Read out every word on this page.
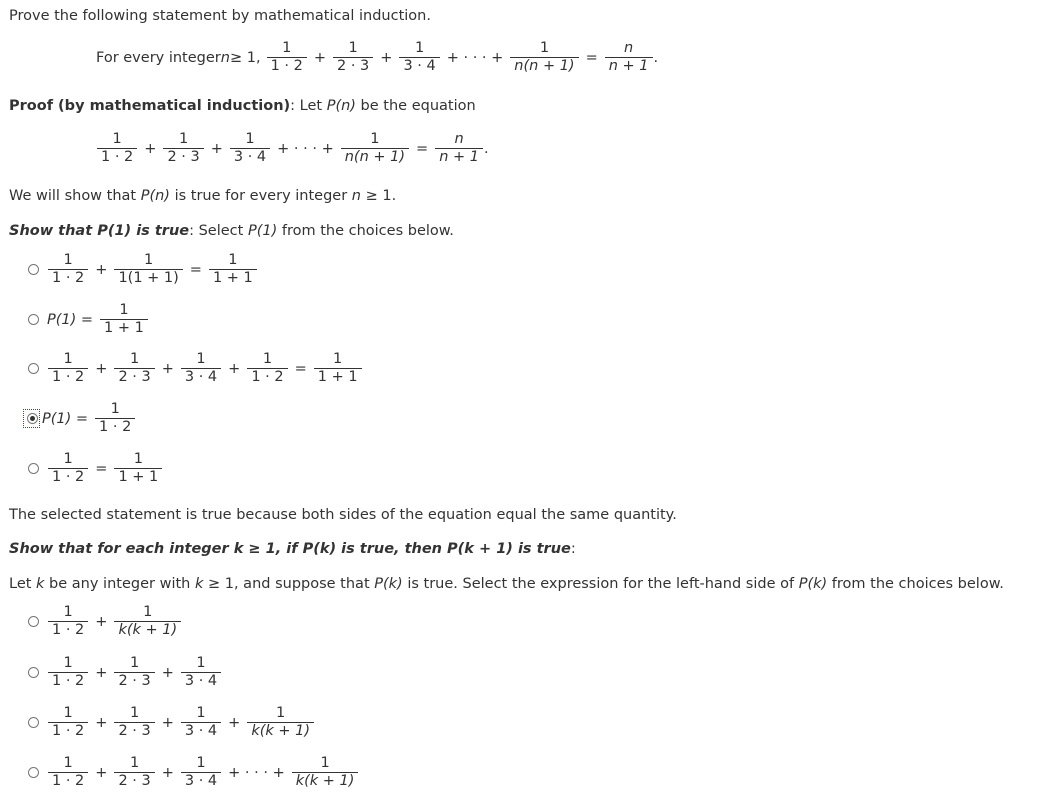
Prove the following statement by mathematical induction.
For every integer n ≥ 1, $\frac{1}{1 \cdot 2} + \frac{1}{2 \cdot 3} + \frac{1}{3 \cdot 4}$ + · · · + $\frac{1}{n(n + 1)} = \frac{n}{n + 1}$ .
Proof (by mathematical induction): Let P(n) be the equation
$\frac{1}{1 \cdot 2} + \frac{1}{2 \cdot 3} + \frac{1}{3 \cdot 4}$ + · · · + $\frac{1}{n(n + 1)} = \frac{n}{n + 1}$ .
We will show that P(n) is true for every integer n ≥ 1.
Show that P(1) is true: Select P(1) from the choices below.
$\frac{1}{1 \cdot 2} + \frac{1}{1(1 + 1)} = \frac{1}{1 + 1}$
$P(1) = \frac{1}{1 + 1}$
$\frac{1}{1 \cdot 2} + \frac{1}{2 \cdot 3} + \frac{1}{3 \cdot 4} + \frac{1}{1 \cdot 2} = \frac{1}{1 + 1}$
$P(1) = \frac{1}{1 \cdot 2}$
$\frac{1}{1 \cdot 2} = \frac{1}{1 + 1}$
The selected statement is true because both sides of the equation equal the same quantity.
Show that for each integer k ≥ 1, if P(k) is true, then P(k + 1) is true:
Let k be any integer with k ≥ 1, and suppose that P(k) is true. Select the expression for the left-hand side of P(k) from the choices below.
$\frac{1}{1 \cdot 2} + \frac{1}{k(k + 1)}$
$\frac{1}{1 \cdot 2} + \frac{1}{2 \cdot 3} + \frac{1}{3 \cdot 4}$
$\frac{1}{1 \cdot 2} + \frac{1}{2 \cdot 3} + \frac{1}{3 \cdot 4} + \frac{1}{k(k + 1)}$
$\frac{1}{1 \cdot 2} + \frac{1}{2 \cdot 3} + \frac{1}{3 \cdot 4}$ + · · · + $\frac{1}{k(k + 1)}$
